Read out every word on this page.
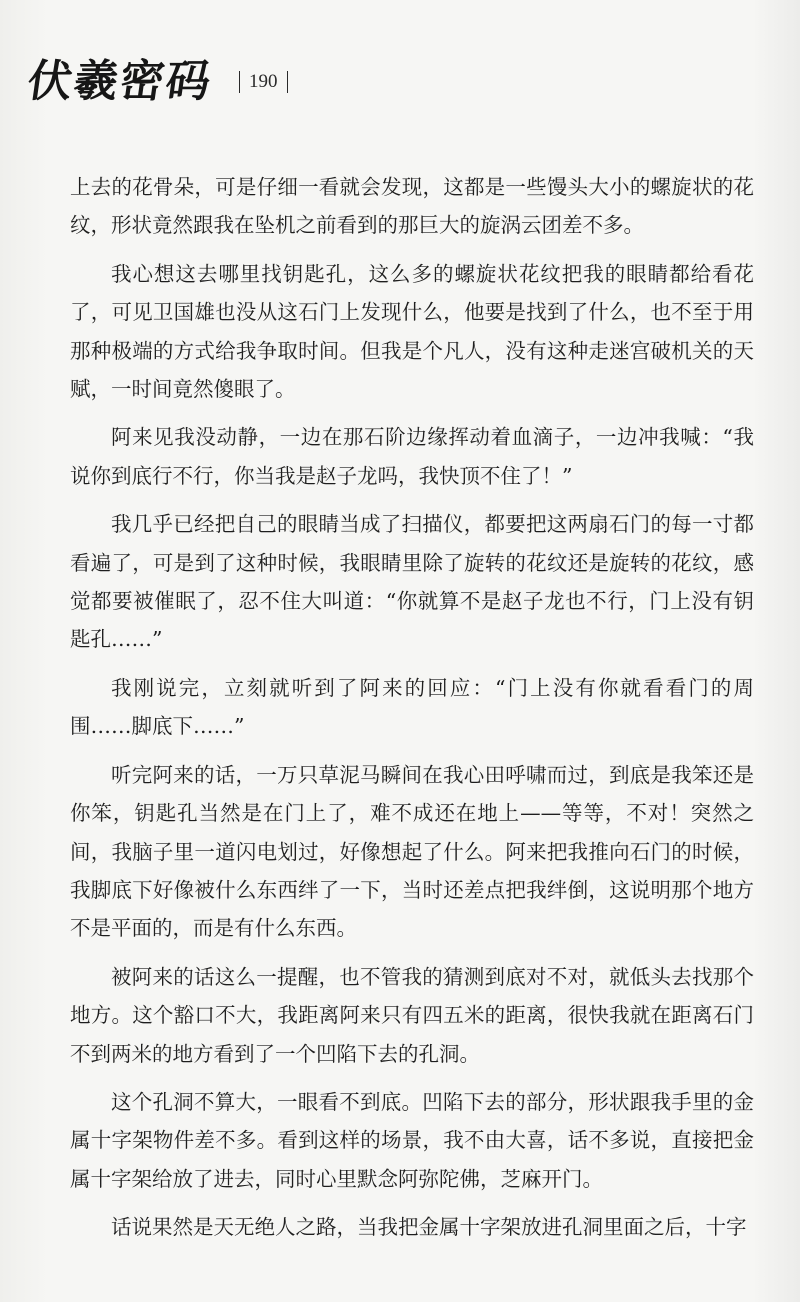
伏羲密码 190

上去的花骨朵，可是仔细一看就会发现，这都是一些馒头大小的螺旋状的花纹，形状竟然跟我在坠机之前看到的那巨大的旋涡云团差不多。

我心想这去哪里找钥匙孔，这么多的螺旋状花纹把我的眼睛都给看花了，可见卫国雄也没从这石门上发现什么，他要是找到了什么，也不至于用那种极端的方式给我争取时间。但我是个凡人，没有这种走迷宫破机关的天赋，一时间竟然傻眼了。

阿来见我没动静，一边在那石阶边缘挥动着血滴子，一边冲我喊：“我说你到底行不行，你当我是赵子龙吗，我快顶不住了！”

我几乎已经把自己的眼睛当成了扫描仪，都要把这两扇石门的每一寸都看遍了，可是到了这种时候，我眼睛里除了旋转的花纹还是旋转的花纹，感觉都要被催眠了，忍不住大叫道：“你就算不是赵子龙也不行，门上没有钥匙孔……”

我刚说完，立刻就听到了阿来的回应：“门上没有你就看看门的周围……脚底下……”

听完阿来的话，一万只草泥马瞬间在我心田呼啸而过，到底是我笨还是你笨，钥匙孔当然是在门上了，难不成还在地上——等等，不对！突然之间，我脑子里一道闪电划过，好像想起了什么。阿来把我推向石门的时候，我脚底下好像被什么东西绊了一下，当时还差点把我绊倒，这说明那个地方不是平面的，而是有什么东西。

被阿来的话这么一提醒，也不管我的猜测到底对不对，就低头去找那个地方。这个豁口不大，我距离阿来只有四五米的距离，很快我就在距离石门不到两米的地方看到了一个凹陷下去的孔洞。

这个孔洞不算大，一眼看不到底。凹陷下去的部分，形状跟我手里的金属十字架物件差不多。看到这样的场景，我不由大喜，话不多说，直接把金属十字架给放了进去，同时心里默念阿弥陀佛，芝麻开门。

话说果然是天无绝人之路，当我把金属十字架放进孔洞里面之后，十字
